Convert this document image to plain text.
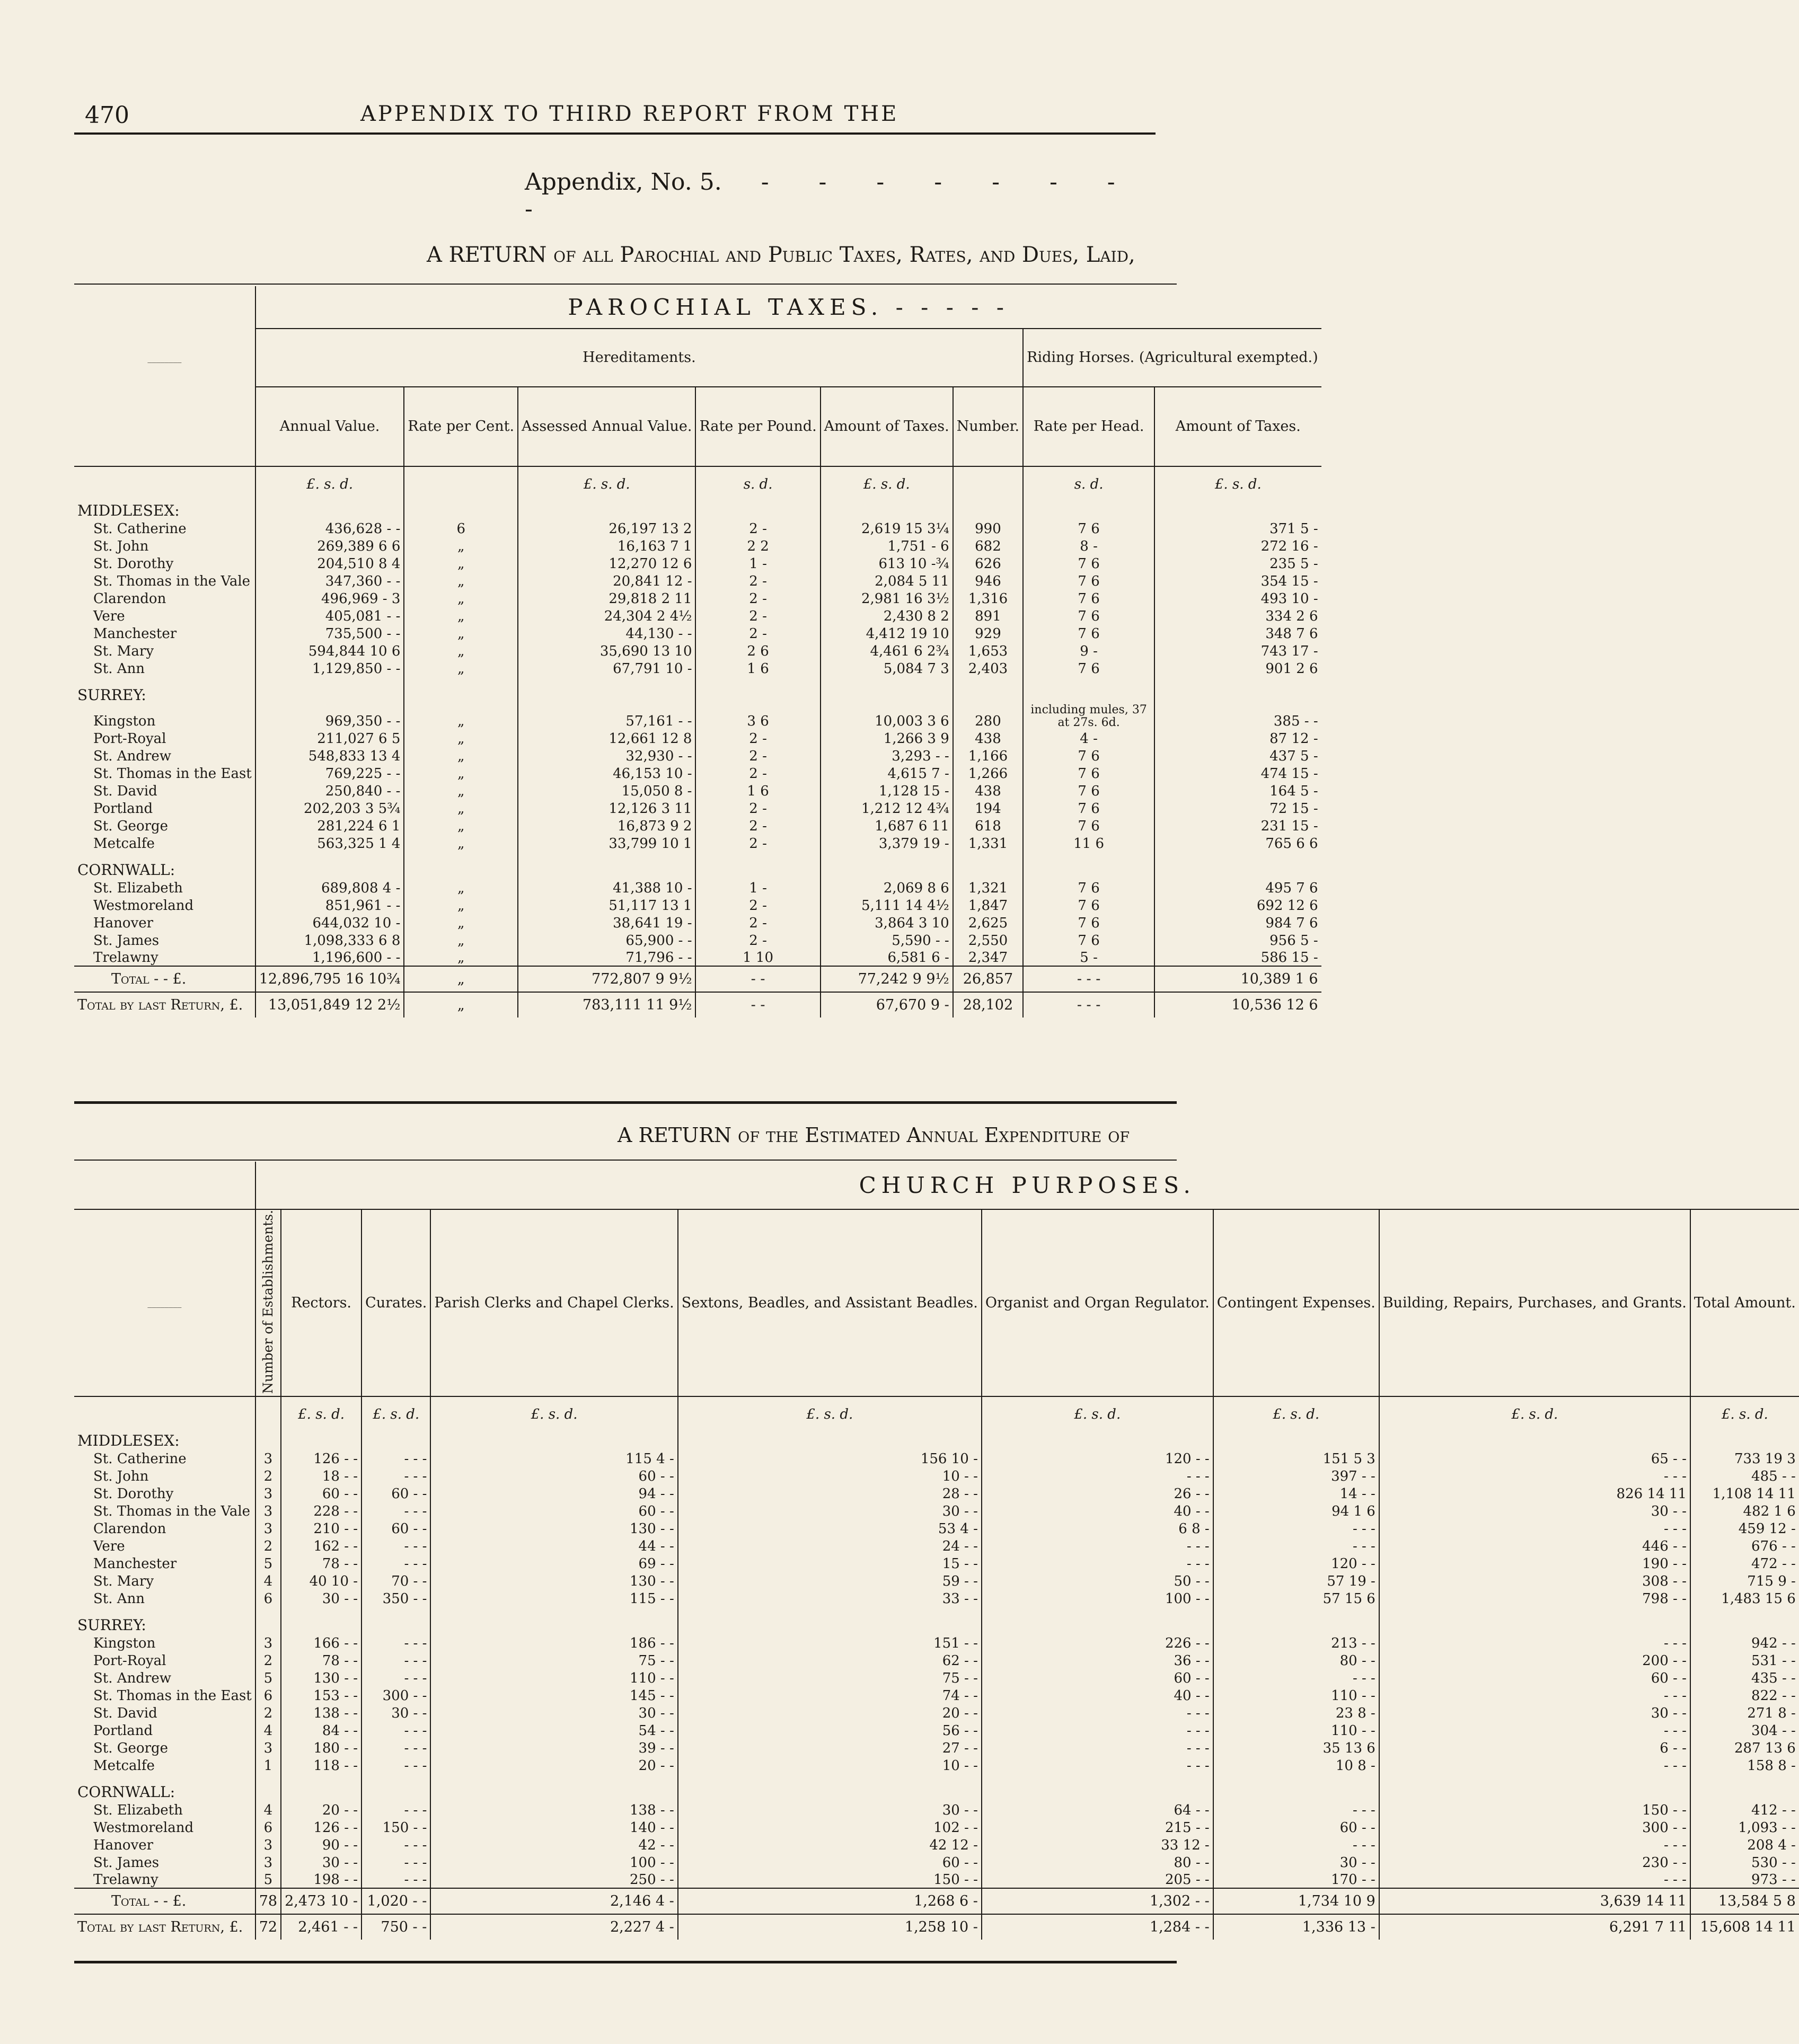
470	APPENDIX TO THIRD REPORT FROM THE
Appendix, No. 5. - - - - - - - -
A RETURN of all Parochial and Public Taxes, Rates, and Dues, Laid,
	PAROCHIAL TAXES. - - - - -							
________	Hereditaments.						Riding Horses. (Agricultural exempted.)	
	Annual Value.	Rate per Cent.	Assessed Annual Value.	Rate per Pound.	Amount of Taxes.	Number.	Rate per Head.	Amount of Taxes.
	£. s. d.		£. s. d.	s. d.	£. s. d.		s. d.	£. s. d.
MIDDLESEX:								
St. Catherine	436,628 - -	6	26,197 13 2	2 -	2,619 15 3¼	990	7 6	371 5 -
St. John	269,389 6 6	„	16,163 7 1	2 2	1,751 - 6	682	8 -	272 16 -
St. Dorothy	204,510 8 4	„	12,270 12 6	1 -	613 10 -¾	626	7 6	235 5 -
St. Thomas in the Vale	347,360 - -	„	20,841 12 -	2 -	2,084 5 11	946	7 6	354 15 -
Clarendon	496,969 - 3	„	29,818 2 11	2 -	2,981 16 3½	1,316	7 6	493 10 -
Vere	405,081 - -	„	24,304 2 4½	2 -	2,430 8 2	891	7 6	334 2 6
Manchester	735,500 - -	„	44,130 - -	2 -	4,412 19 10	929	7 6	348 7 6
St. Mary	594,844 10 6	„	35,690 13 10	2 6	4,461 6 2¾	1,653	9 -	743 17 -
St. Ann	1,129,850 - -	„	67,791 10 -	1 6	5,084 7 3	2,403	7 6	901 2 6
SURREY:								
Kingston	969,350 - -	„	57,161 - -	3 6	10,003 3 6	280	including mules, 37 at 27s. 6d.	385 - -
Port-Royal	211,027 6 5	„	12,661 12 8	2 -	1,266 3 9	438	4 -	87 12 -
St. Andrew	548,833 13 4	„	32,930 - -	2 -	3,293 - -	1,166	7 6	437 5 -
St. Thomas in the East	769,225 - -	„	46,153 10 -	2 -	4,615 7 -	1,266	7 6	474 15 -
St. David	250,840 - -	„	15,050 8 -	1 6	1,128 15 -	438	7 6	164 5 -
Portland	202,203 3 5¾	„	12,126 3 11	2 -	1,212 12 4¾	194	7 6	72 15 -
St. George	281,224 6 1	„	16,873 9 2	2 -	1,687 6 11	618	7 6	231 15 -
Metcalfe	563,325 1 4	„	33,799 10 1	2 -	3,379 19 -	1,331	11 6	765 6 6
CORNWALL:								
St. Elizabeth	689,808 4 -	„	41,388 10 -	1 -	2,069 8 6	1,321	7 6	495 7 6
Westmoreland	851,961 - -	„	51,117 13 1	2 -	5,111 14 4½	1,847	7 6	692 12 6
Hanover	644,032 10 -	„	38,641 19 -	2 -	3,864 3 10	2,625	7 6	984 7 6
St. James	1,098,333 6 8	„	65,900 - -	2 -	5,590 - -	2,550	7 6	956 5 -
Trelawny	1,196,600 - -	„	71,796 - -	1 10	6,581 6 -	2,347	5 -	586 15 -
Total - - £.	12,896,795 16 10¾	„	772,807 9 9½	- -	77,242 9 9½	26,857	- - -	10,389 1 6
Total by last Return, £.	13,051,849 12 2½	„	783,111 11 9½	- -	67,670 9 -	28,102	- - -	10,536 12 6
A RETURN of the Estimated Annual Expenditure of
	CHURCH PURPOSES.								
________	Number of Establishments.	Rectors.	Curates.	Parish Clerks and Chapel Clerks.	Sextons, Beadles, and Assistant Beadles.	Organist and Organ Regulator.	Contingent Expenses.	Building, Repairs, Purchases, and Grants.	Total Amount.
		£. s. d.	£. s. d.	£. s. d.	£. s. d.	£. s. d.	£. s. d.	£. s. d.	£. s. d.
MIDDLESEX:									
St. Catherine	3	126 - -	- - -	115 4 -	156 10 -	120 - -	151 5 3	65 - -	733 19 3
St. John	2	18 - -	- - -	60 - -	10 - -	- - -	397 - -	- - -	485 - -
St. Dorothy	3	60 - -	60 - -	94 - -	28 - -	26 - -	14 - -	826 14 11	1,108 14 11
St. Thomas in the Vale	3	228 - -	- - -	60 - -	30 - -	40 - -	94 1 6	30 - -	482 1 6
Clarendon	3	210 - -	60 - -	130 - -	53 4 -	6 8 -	- - -	- - -	459 12 -
Vere	2	162 - -	- - -	44 - -	24 - -	- - -	- - -	446 - -	676 - -
Manchester	5	78 - -	- - -	69 - -	15 - -	- - -	120 - -	190 - -	472 - -
St. Mary	4	40 10 -	70 - -	130 - -	59 - -	50 - -	57 19 -	308 - -	715 9 -
St. Ann	6	30 - -	350 - -	115 - -	33 - -	100 - -	57 15 6	798 - -	1,483 15 6
SURREY:									
Kingston	3	166 - -	- - -	186 - -	151 - -	226 - -	213 - -	- - -	942 - -
Port-Royal	2	78 - -	- - -	75 - -	62 - -	36 - -	80 - -	200 - -	531 - -
St. Andrew	5	130 - -	- - -	110 - -	75 - -	60 - -	- - -	60 - -	435 - -
St. Thomas in the East	6	153 - -	300 - -	145 - -	74 - -	40 - -	110 - -	- - -	822 - -
St. David	2	138 - -	30 - -	30 - -	20 - -	- - -	23 8 -	30 - -	271 8 -
Portland	4	84 - -	- - -	54 - -	56 - -	- - -	110 - -	- - -	304 - -
St. George	3	180 - -	- - -	39 - -	27 - -	- - -	35 13 6	6 - -	287 13 6
Metcalfe	1	118 - -	- - -	20 - -	10 - -	- - -	10 8 -	- - -	158 8 -
CORNWALL:									
St. Elizabeth	4	20 - -	- - -	138 - -	30 - -	64 - -	- - -	150 - -	412 - -
Westmoreland	6	126 - -	150 - -	140 - -	102 - -	215 - -	60 - -	300 - -	1,093 - -
Hanover	3	90 - -	- - -	42 - -	42 12 -	33 12 -	- - -	- - -	208 4 -
St. James	3	30 - -	- - -	100 - -	60 - -	80 - -	30 - -	230 - -	530 - -
Trelawny	5	198 - -	- - -	250 - -	150 - -	205 - -	170 - -	- - -	973 - -
Total - - £.	78	2,473 10 -	1,020 - -	2,146 4 -	1,268 6 -	1,302 - -	1,734 10 9	3,639 14 11	13,584 5 8
Total by last Return, £.	72	2,461 - -	750 - -	2,227 4 -	1,258 10 -	1,284 - -	1,336 13 -	6,291 7 11	15,608 14 11
